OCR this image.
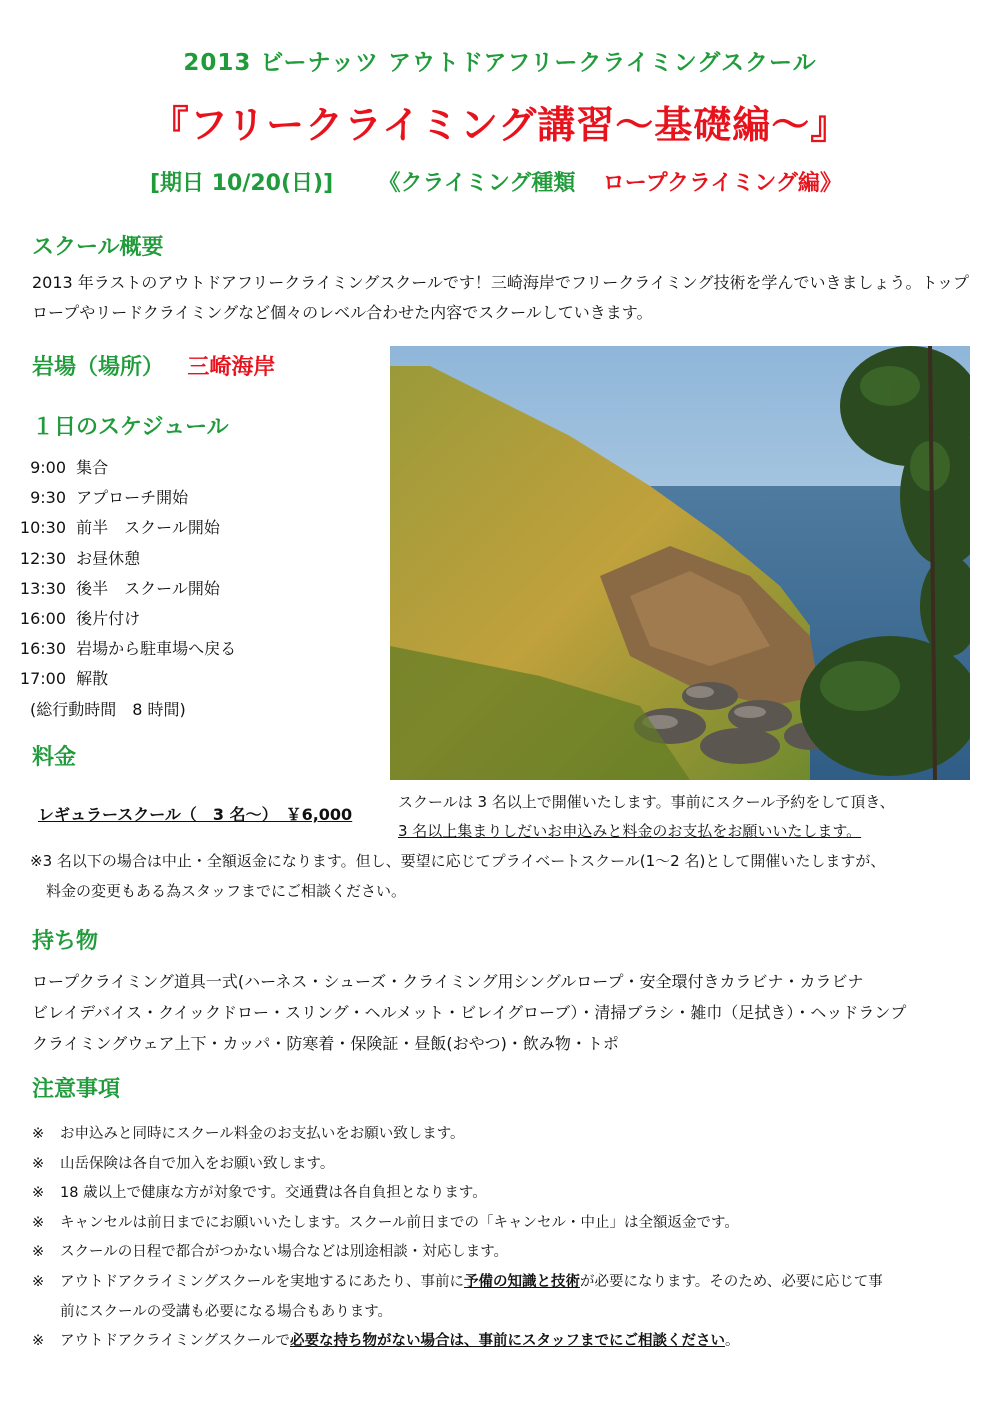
2013 ビーナッツ アウトドアフリークライミングスクール
『フリークライミング講習～基礎編～』
[期日 10/20(日)] 《クライミング種類 ロープクライミング編》
スクール概要
2013 年ラストのアウトドアフリークライミングスクールです！三崎海岸でフリークライミング技術を学んでいきましょう。トップロープやリードクライミングなど個々のレベル合わせた内容でスクールしていきます。
岩場（場所） 三崎海岸
１日のスケジュール
9:00 集合
9:30 アプローチ開始
10:30 前半　スクール開始
12:30 お昼休憩
13:30 後半　スクール開始
16:00 後片付け
16:30 岩場から駐車場へ戻る
17:00 解散
(総行動時間　8 時間)
料金
レギュラースクール（　3 名～）　￥6,000
スクールは 3 名以上で開催いたします。事前にスクール予約をして頂き、
3 名以上集まりしだいお申込みと料金のお支払をお願いいたします。
※3 名以下の場合は中止・全額返金になります。但し、要望に応じてプライベートスクール(1～2 名)として開催いたしますが、
料金の変更もある為スタッフまでにご相談ください。
持ち物
ロープクライミング道具一式(ハーネス・シューズ・クライミング用シングルロープ・安全環付きカラビナ・カラビナ
ビレイデバイス・クイックドロー・スリング・ヘルメット・ビレイグローブ）・清掃ブラシ・雑巾（足拭き）・ヘッドランプ
クライミングウェア上下・カッパ・防寒着・保険証・昼飯(おやつ)・飲み物・トポ
注意事項
※ お申込みと同時にスクール料金のお支払いをお願い致します。
※ 山岳保険は各自で加入をお願い致します。
※ 18 歳以上で健康な方が対象です。交通費は各自負担となります。
※ キャンセルは前日までにお願いいたします。スクール前日までの「キャンセル・中止」は全額返金です。
※ スクールの日程で都合がつかない場合などは別途相談・対応します。
※ アウトドアクライミングスクールを実地するにあたり、事前に予備の知識と技術が必要になります。そのため、必要に応じて事
前にスクールの受講も必要になる場合もあります。
※ アウトドアクライミングスクールで必要な持ち物がない場合は、事前にスタッフまでにご相談ください。
